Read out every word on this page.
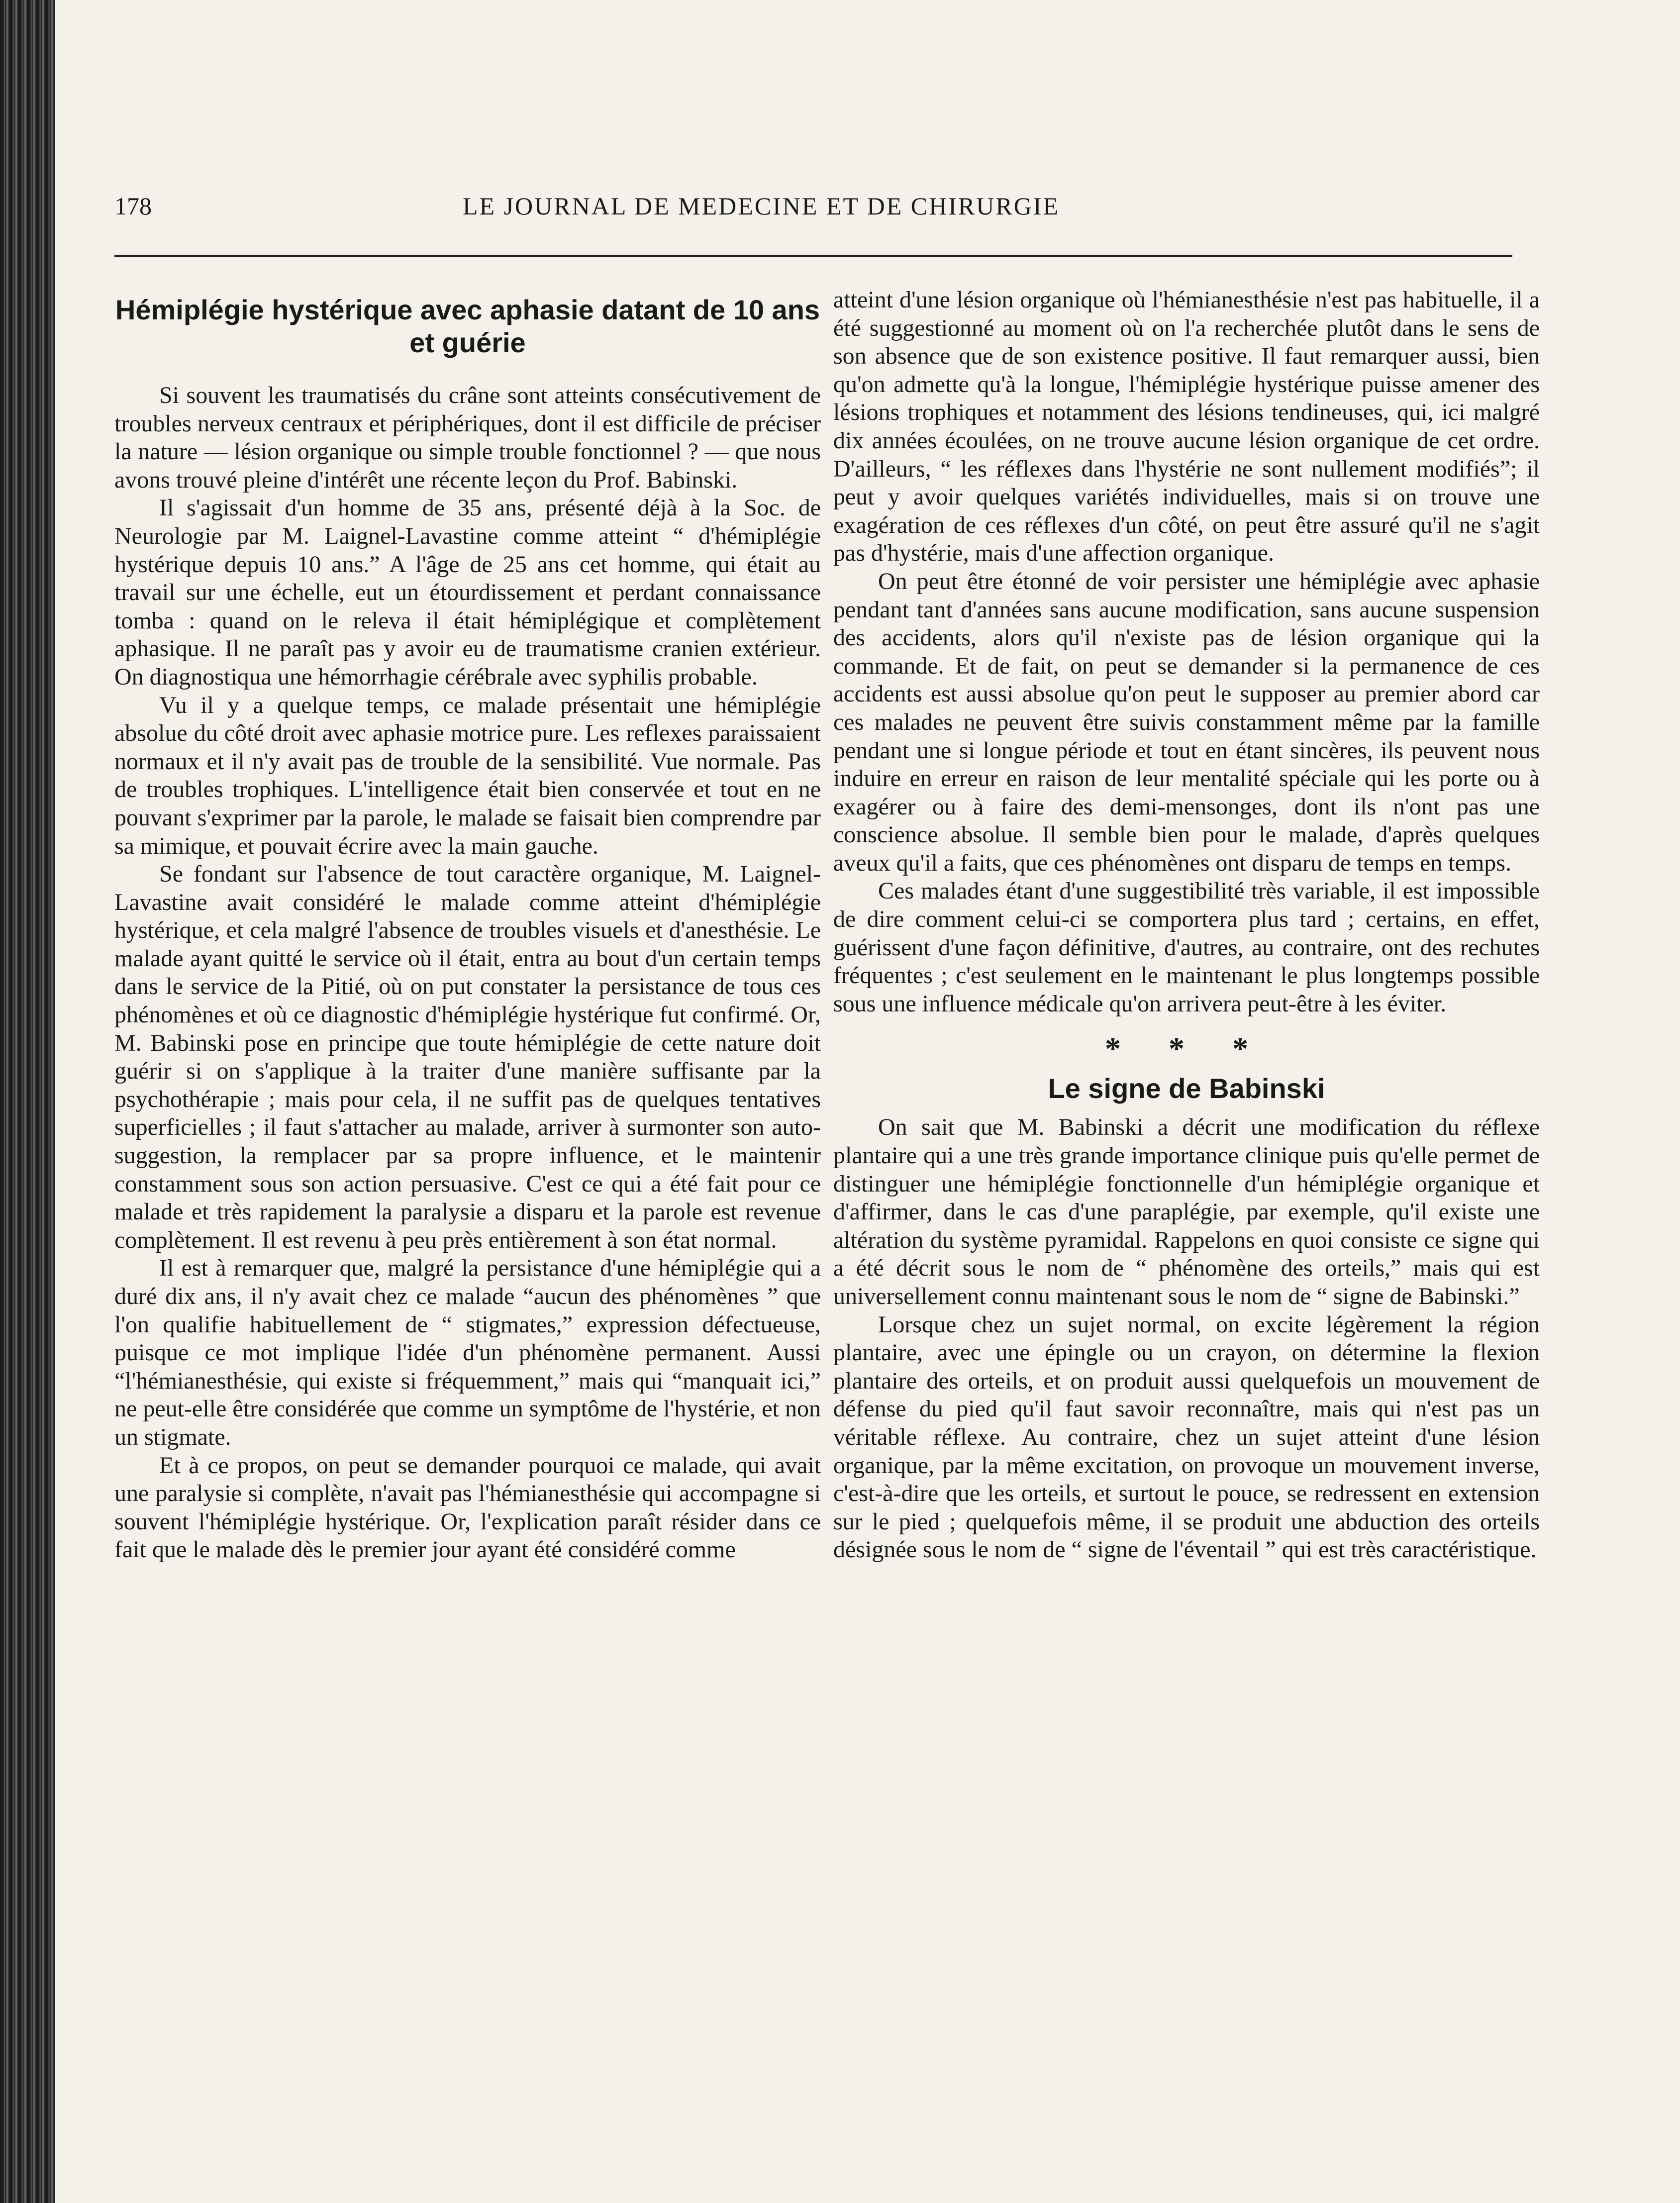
178	LE JOURNAL DE MEDECINE ET DE CHIRURGIE
Hémiplégie hystérique avec aphasie datant de 10 ans et guérie

Si souvent les traumatisés du crâne sont atteints consécutivement de troubles nerveux centraux et périphériques, dont il est difficile de préciser la nature — lésion organique ou simple trouble fonctionnel ? — que nous avons trouvé pleine d'intérêt une récente leçon du Prof. Babinski.

Il s'agissait d'un homme de 35 ans, présenté déjà à la Soc. de Neurologie par M. Laignel-Lavastine comme atteint “ d'hémiplégie hystérique depuis 10 ans.” A l'âge de 25 ans cet homme, qui était au travail sur une échelle, eut un étourdissement et perdant connaissance tomba : quand on le releva il était hémiplégique et complètement aphasique. Il ne paraît pas y avoir eu de traumatisme cranien extérieur. On diagnostiqua une hémorrhagie cérébrale avec syphilis probable.

Vu il y a quelque temps, ce malade présentait une hémiplégie absolue du côté droit avec aphasie motrice pure. Les reflexes paraissaient normaux et il n'y avait pas de trouble de la sensibilité. Vue normale. Pas de troubles trophiques. L'intelligence était bien conservée et tout en ne pouvant s'exprimer par la parole, le malade se faisait bien comprendre par sa mimique, et pouvait écrire avec la main gauche.

Se fondant sur l'absence de tout caractère organique, M. Laignel-Lavastine avait considéré le malade comme atteint d'hémiplégie hystérique, et cela malgré l'absence de troubles visuels et d'anesthésie. Le malade ayant quitté le service où il était, entra au bout d'un certain temps dans le service de la Pitié, où on put constater la persistance de tous ces phénomènes et où ce diagnostic d'hémiplégie hystérique fut confirmé. Or, M. Babinski pose en principe que toute hémiplégie de cette nature doit guérir si on s'applique à la traiter d'une manière suffisante par la psychothérapie ; mais pour cela, il ne suffit pas de quelques tentatives superficielles ; il faut s'attacher au malade, arriver à surmonter son auto-suggestion, la remplacer par sa propre influence, et le maintenir constamment sous son action persuasive. C'est ce qui a été fait pour ce malade et très rapidement la paralysie a disparu et la parole est revenue complètement. Il est revenu à peu près entièrement à son état normal.

Il est à remarquer que, malgré la persistance d'une hémiplégie qui a duré dix ans, il n'y avait chez ce malade “aucun des phénomènes ” que l'on qualifie habituellement de “ stigmates,” expression défectueuse, puisque ce mot implique l'idée d'un phénomène permanent. Aussi “l'hémianesthésie, qui existe si fréquemment,” mais qui “manquait ici,” ne peut-elle être considérée que comme un symptôme de l'hystérie, et non un stigmate.

Et à ce propos, on peut se demander pourquoi ce malade, qui avait une paralysie si complète, n'avait pas l'hémianesthésie qui accompagne si souvent l'hémiplégie hystérique. Or, l'explication paraît résider dans ce fait que le malade dès le premier jour ayant été considéré comme

atteint d'une lésion organique où l'hémianesthésie n'est pas habituelle, il a été suggestionné au moment où on l'a recherchée plutôt dans le sens de son absence que de son existence positive. Il faut remarquer aussi, bien qu'on admette qu'à la longue, l'hémiplégie hystérique puisse amener des lésions trophiques et notamment des lésions tendineuses, qui, ici malgré dix années écoulées, on ne trouve aucune lésion organique de cet ordre. D'ailleurs, “ les réflexes dans l'hystérie ne sont nullement modifiés”; il peut y avoir quelques variétés individuelles, mais si on trouve une exagération de ces réflexes d'un côté, on peut être assuré qu'il ne s'agit pas d'hystérie, mais d'une affection organique.

On peut être étonné de voir persister une hémiplégie avec aphasie pendant tant d'années sans aucune modification, sans aucune suspension des accidents, alors qu'il n'existe pas de lésion organique qui la commande. Et de fait, on peut se demander si la permanence de ces accidents est aussi absolue qu'on peut le supposer au premier abord car ces malades ne peuvent être suivis constamment même par la famille pendant une si longue période et tout en étant sincères, ils peuvent nous induire en erreur en raison de leur mentalité spéciale qui les porte ou à exagérer ou à faire des demi-mensonges, dont ils n'ont pas une conscience absolue. Il semble bien pour le malade, d'après quelques aveux qu'il a faits, que ces phénomènes ont disparu de temps en temps.

Ces malades étant d'une suggestibilité très variable, il est impossible de dire comment celui-ci se comportera plus tard ; certains, en effet, guérissent d'une façon définitive, d'autres, au contraire, ont des rechutes fréquentes ; c'est seulement en le maintenant le plus longtemps possible sous une influence médicale qu'on arrivera peut-être à les éviter.

* * *
Le signe de Babinski

On sait que M. Babinski a décrit une modification du réflexe plantaire qui a une très grande importance clinique puis qu'elle permet de distinguer une hémiplégie fonctionnelle d'un hémiplégie organique et d'affirmer, dans le cas d'une paraplégie, par exemple, qu'il existe une altération du système pyramidal. Rappelons en quoi consiste ce signe qui a été décrit sous le nom de “ phénomène des orteils,” mais qui est universellement connu maintenant sous le nom de “ signe de Babinski.”

Lorsque chez un sujet normal, on excite légèrement la région plantaire, avec une épingle ou un crayon, on détermine la flexion plantaire des orteils, et on produit aussi quelquefois un mouvement de défense du pied qu'il faut savoir reconnaître, mais qui n'est pas un véritable réflexe. Au contraire, chez un sujet atteint d'une lésion organique, par la même excitation, on provoque un mouvement inverse, c'est-à-dire que les orteils, et surtout le pouce, se redressent en extension sur le pied ; quelquefois même, il se produit une abduction des orteils désignée sous le nom de “ signe de l'éventail ” qui est très caractéristique.
